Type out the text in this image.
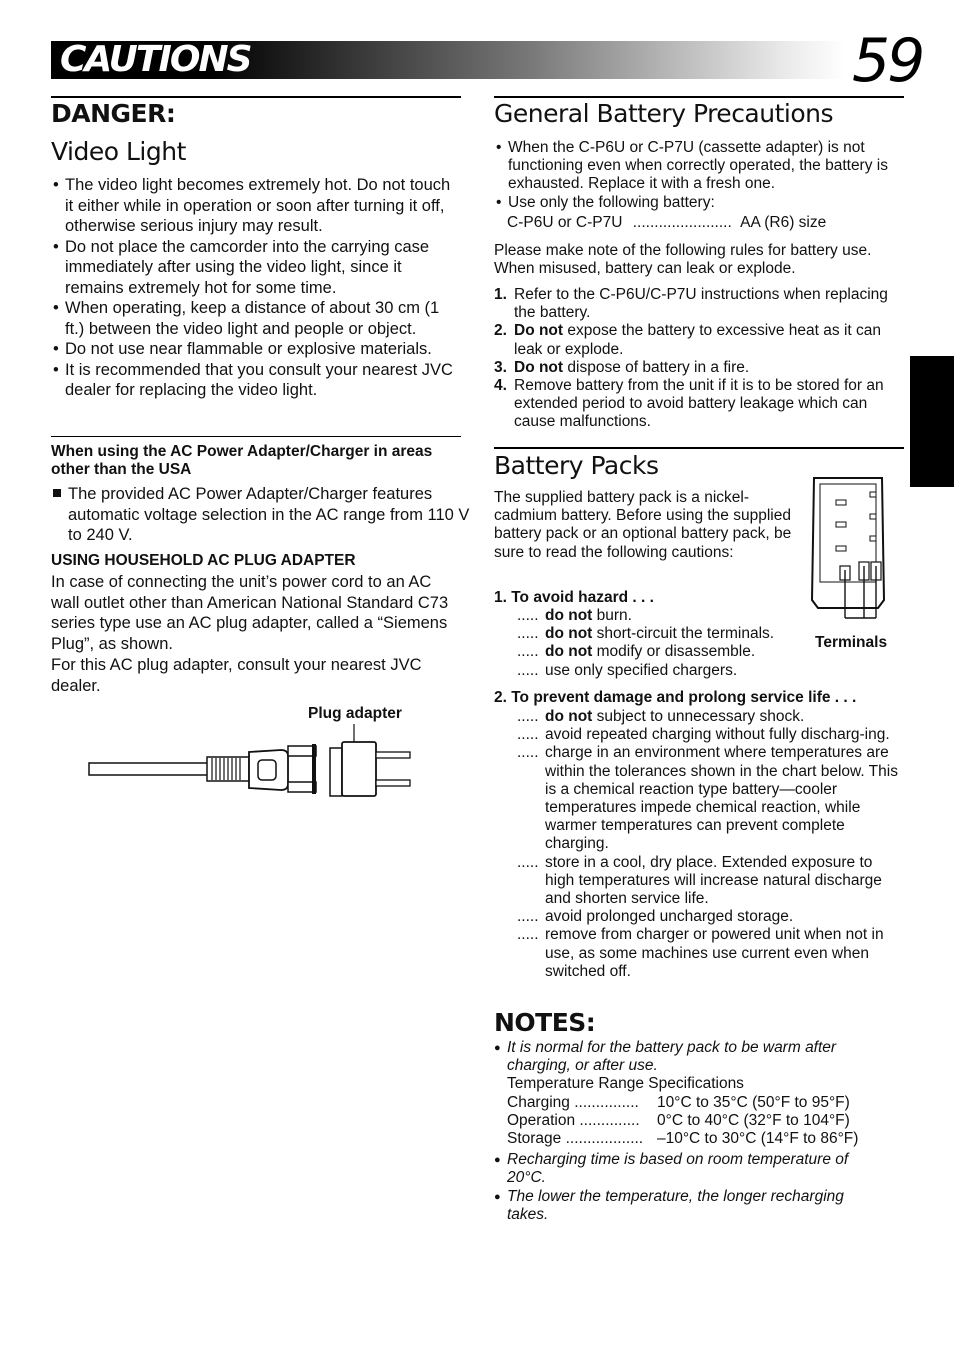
CAUTIONS	59
DANGER:
Video Light
• The video light becomes extremely hot. Do not touch it either while in operation or soon after turning it off, otherwise serious injury may result.
• Do not place the camcorder into the carrying case immediately after using the video light, since it remains extremely hot for some time.
• When operating, keep a distance of about 30 cm (1 ft.) between the video light and people or object.
• Do not use near flammable or explosive materials.
• It is recommended that you consult your nearest JVC dealer for replacing the video light.
When using the AC Power Adapter/Charger in areas other than the USA
The provided AC Power Adapter/Charger features automatic voltage selection in the AC range from 110 V to 240 V.
USING HOUSEHOLD AC PLUG ADAPTER
In case of connecting the unit’s power cord to an AC wall outlet other than American National Standard C73 series type use an AC plug adapter, called a “Siemens Plug”, as shown.
For this AC plug adapter, consult your nearest JVC dealer.
Plug adapter
General Battery Precautions
• When the C-P6U or C-P7U (cassette adapter) is not functioning even when correctly operated, the battery is exhausted. Replace it with a fresh one.
• Use only the following battery:
C-P6U or C-P7U ....................... AA (R6) size
Please make note of the following rules for battery use. When misused, battery can leak or explode.
1. Refer to the C-P6U/C-P7U instructions when replacing the battery.
2. Do not expose the battery to excessive heat as it can leak or explode.
3. Do not dispose of battery in a fire.
4. Remove battery from the unit if it is to be stored for an extended period to avoid battery leakage which can cause malfunctions.
Battery Packs
The supplied battery pack is a nickel-cadmium battery. Before using the supplied battery pack or an optional battery pack, be sure to read the following cautions:
Terminals
1. To avoid hazard . . .
..... do not burn.
..... do not short-circuit the terminals.
..... do not modify or disassemble.
..... use only specified chargers.
2. To prevent damage and prolong service life . . .
..... do not subject to unnecessary shock.
..... avoid repeated charging without fully discharg-ing.
..... charge in an environment where temperatures are within the tolerances shown in the chart below. This is a chemical reaction type battery—cooler temperatures impede chemical reaction, while warmer temperatures can prevent complete charging.
..... store in a cool, dry place. Extended exposure to high temperatures will increase natural discharge and shorten service life.
..... avoid prolonged uncharged storage.
..... remove from charger or powered unit when not in use, as some machines use current even when switched off.
NOTES:
● It is normal for the battery pack to be warm after charging, or after use.
Temperature Range Specifications
Charging ...............	10°C to 35°C (50°F to 95°F)
Operation ..............	0°C to 40°C (32°F to 104°F)
Storage .................. –10°C to 30°C (14°F to 86°F)
● Recharging time is based on room temperature of 20°C.
● The lower the temperature, the longer recharging takes.
